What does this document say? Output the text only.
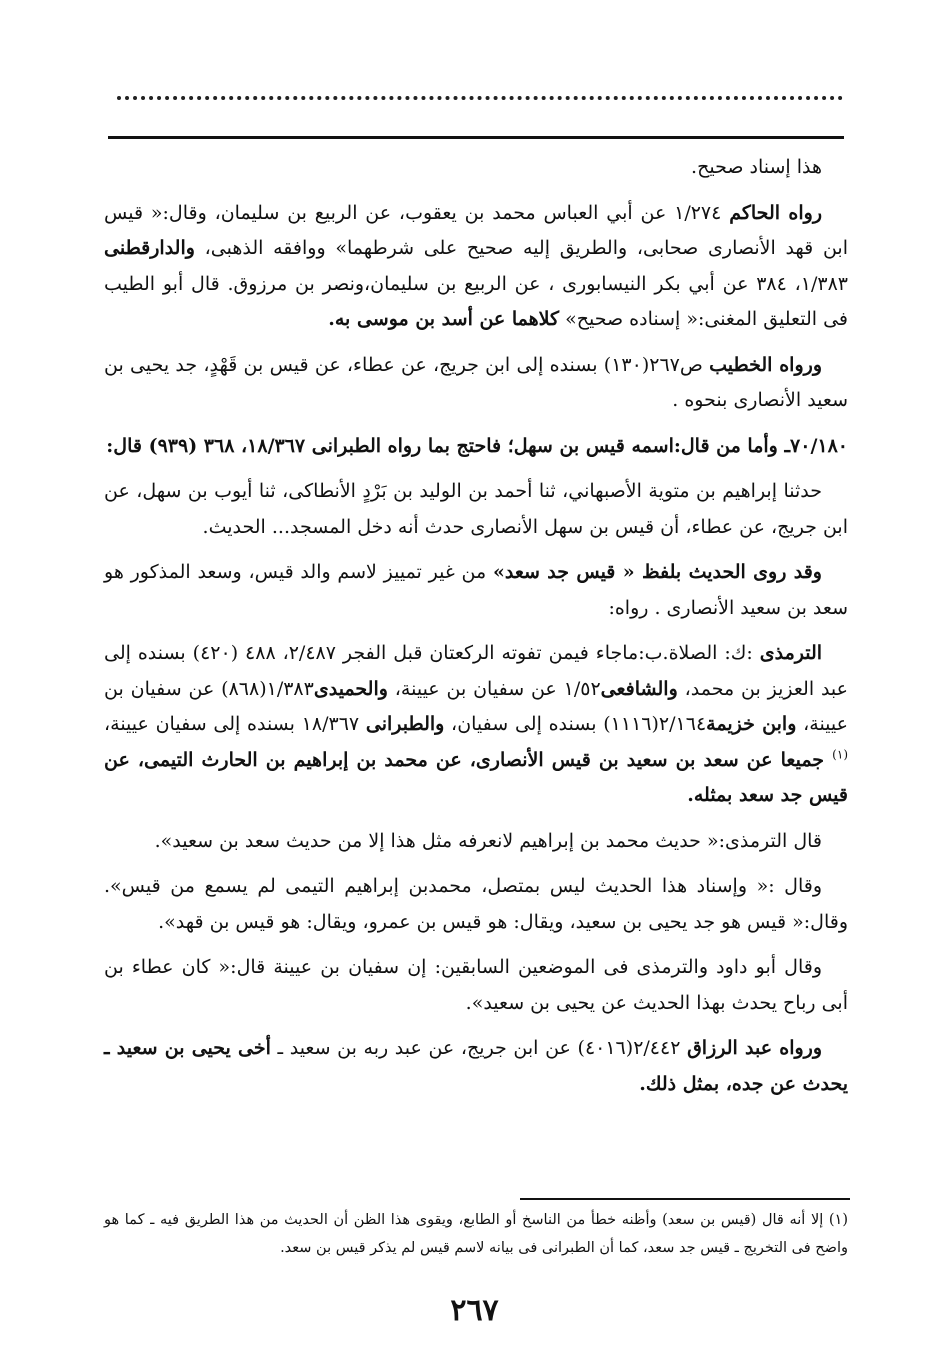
هذا إسناد صحيح.

رواه الحاكم ١/٢٧٤ عن أبي العباس محمد بن يعقوب، عن الربيع بن سليمان، وقال:« قيس ابن قهد الأنصارى صحابى، والطريق إليه صحيح على شرطهما» ووافقه الذهبى، والدارقطنى ١/٣٨٣، ٣٨٤ عن أبي بكر النيسابورى ، عن الربيع بن سليمان،ونصر بن مرزوق. قال أبو الطيب فى التعليق المغنى:« إسناده صحيح» كلاهما عن أسد بن موسى به.

ورواه الخطيب ص٢٦٧(١٣٠) بسنده إلى ابن جريج، عن عطاء، عن قيس بن قَهْدٍ، جد يحيى بن سعيد الأنصارى بنحوه .

٧٠/١٨٠ـ وأما من قال:اسمه قيس بن سهل؛ فاحتج بما رواه الطبرانى ١٨/٣٦٧، ٣٦٨ (٩٣٩) قال:

حدثنا إبراهيم بن متوية الأصبهاني، ثنا أحمد بن الوليد بن بَرْدٍ الأنطاكى، ثنا أيوب بن سهل، عن ابن جريج، عن عطاء، أن قيس بن سهل الأنصارى حدث أنه دخل المسجد... الحديث.

وقد روى الحديث بلفظ « قيس جد سعد» من غير تمييز لاسم والد قيس، وسعد المذكور هو سعد بن سعيد الأنصارى . رواه:

الترمذى :ك: الصلاة.ب:ماجاء فيمن تفوته الركعتان قبل الفجر ٢/٤٨٧، ٤٨٨ (٤٢٠) بسنده إلى عبد العزيز بن محمد، والشافعى١/٥٢ عن سفيان بن عيينة، والحميدى١/٣٨٣(٨٦٨) عن سفيان بن عيينة، وابن خزيمة٢/١٦٤(١١١٦) بسنده إلى سفيان، والطبرانى ١٨/٣٦٧ بسنده إلى سفيان عيينة،$^{(١)}$ جميعا عن سعد بن سعيد بن قيس الأنصارى، عن محمد بن إبراهيم بن الحارث التيمى، عن قيس جد سعد بمثله.

قال الترمذى:« حديث محمد بن إبراهيم لانعرفه مثل هذا إلا من حديث سعد بن سعيد».

وقال :« وإسناد هذا الحديث ليس بمتصل، محمدبن إبراهيم التيمى لم يسمع من قيس». وقال:« قيس هو جد يحيى بن سعيد، ويقال: هو قيس بن عمرو، ويقال: هو قيس بن قهد».

وقال أبو داود والترمذى فى الموضعين السابقين: إن سفيان بن عيينة قال:« كان عطاء بن أبى رباح يحدث بهذا الحديث عن يحيى بن سعيد».

ورواه عبد الرزاق ٢/٤٤٢(٤٠١٦) عن ابن جريج، عن عبد ربه بن سعيد ـ أخى يحيى بن سعيد ـ يحدث عن جده، بمثل ذلك.

(١) إلا أنه قال (قيس بن سعد) وأظنه خطأ من الناسخ أو الطابع، ويقوى هذا الظن أن الحديث من هذا الطريق فيه ـ كما هو واضح فى التخريج ـ قيس جد سعد، كما أن الطبرانى فى بيانه لاسم قيس لم يذكر قيس بن سعد.

٢٦٧
